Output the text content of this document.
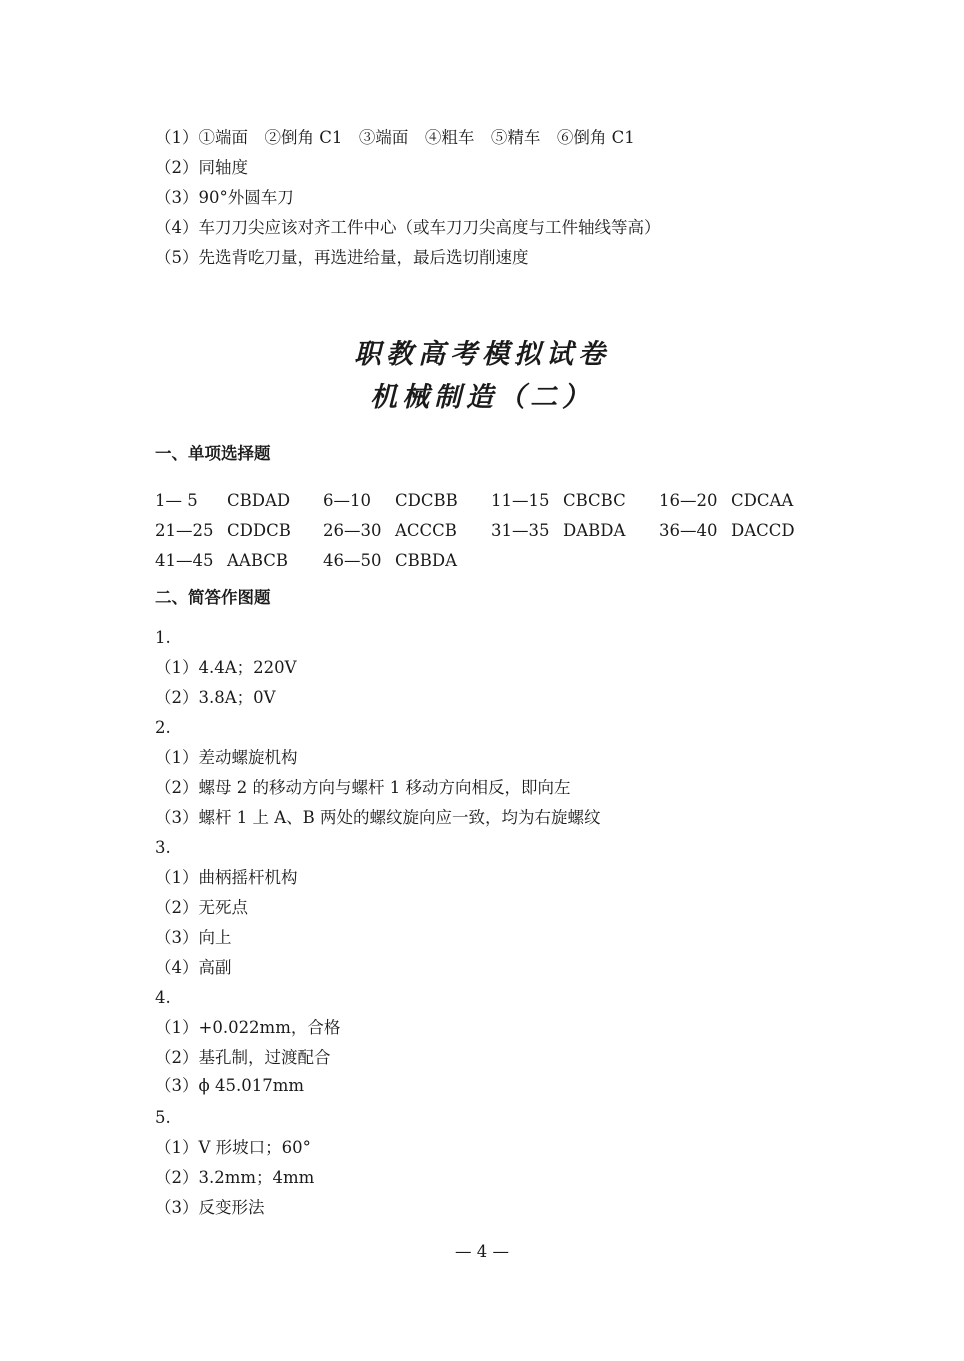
（1）①端面　②倒角 C1　③端面　④粗车　⑤精车　⑥倒角 C1
（2）同轴度
（3）90°外圆车刀
（4）车刀刀尖应该对齐工件中心（或车刀刀尖高度与工件轴线等高）
（5）先选背吃刀量，再选进给量，最后选切削速度
职教高考模拟试卷
机械制造（二）
一、单项选择题
1— 5 CBDAD 6—10 CDCBB 11—15 CBCBC 16—20 CDCAA
21—25 CDDCB 26—30 ACCCB 31—35 DABDA 36—40 DACCD
41—45 AABCB 46—50 CBBDA
二、简答作图题
1.
（1）4.4A；220V
（2）3.8A；0V
2.
（1）差动螺旋机构
（2）螺母 2 的移动方向与螺杆 1 移动方向相反，即向左
（3）螺杆 1 上 A、B 两处的螺纹旋向应一致，均为右旋螺纹
3.
（1）曲柄摇杆机构
（2）无死点
（3）向上
（4）高副
4.
（1）+0.022mm，合格
（2）基孔制，过渡配合
（3）ϕ 45.017mm
5.
（1）V 形坡口；60°
（2）3.2mm；4mm
（3）反变形法
— 4 —
